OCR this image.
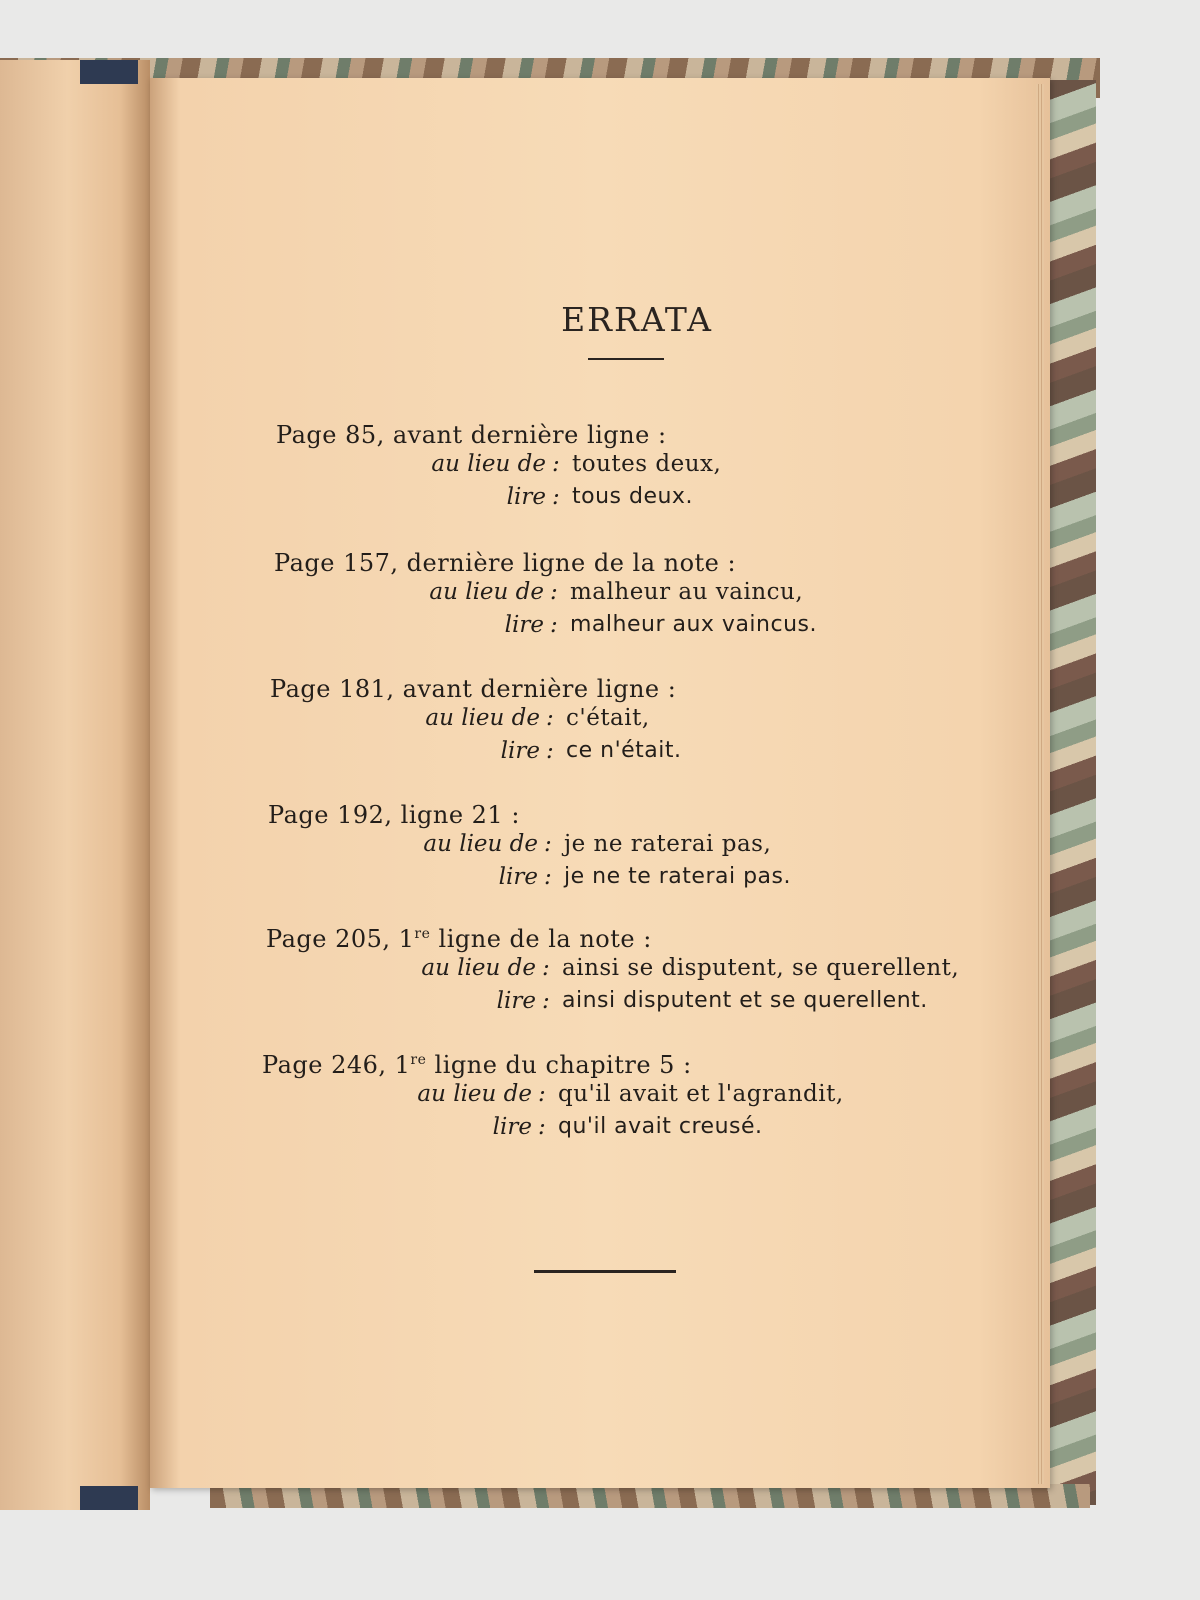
ERRATA
Page 85, avant dernière ligne :
au lieu de : toutes deux,
lire : tous deux.
Page 157, dernière ligne de la note :
au lieu de : malheur au vaincu,
lire : malheur aux vaincus.
Page 181, avant dernière ligne :
au lieu de : c'était,
lire : ce n'était.
Page 192, ligne 21 :
au lieu de : je ne raterai pas,
lire : je ne te raterai pas.
Page 205, 1re ligne de la note :
au lieu de : ainsi se disputent, se querellent,
lire : ainsi disputent et se querellent.
Page 246, 1re ligne du chapitre 5 :
au lieu de : qu'il avait et l'agrandit,
lire : qu'il avait creusé.
